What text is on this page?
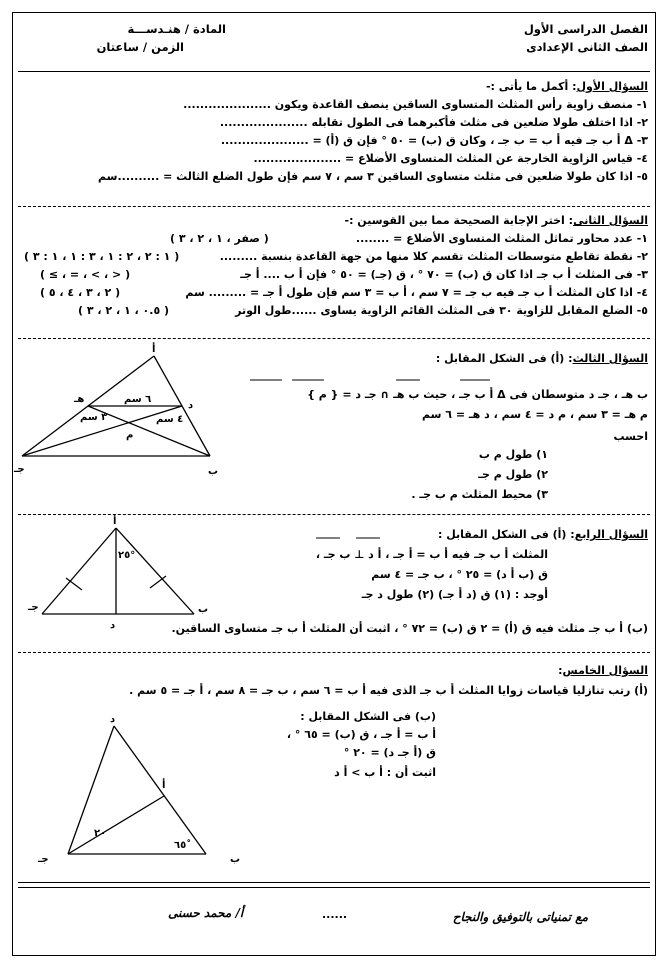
الفصل الدراسى الأول
الصف الثانى الإعدادى
المادة / هنـدســـة
الزمن / ساعتان
السؤال الأول: أكمل ما يأتى :-
١- منصف زاوية رأس المثلث المتساوى الساقين ينصف القاعدة ويكون .....................
٢- اذا اختلف طولا ضلعين فى مثلث فأكبرهما فى الطول تقابله .....................
٣- Δ أ ب جـ فيه أ ب = ب جـ ، وكان ق (ب) = ٥٠ ° فإن ق (أ) = .....................
٤- قياس الزاوية الخارجة عن المثلث المتساوى الأضلاع = .....................
٥- اذا كان طولا ضلعين فى مثلث متساوى الساقين ٣ سم ، ٧ سم فإن طول الضلع الثالث = ..........سم
السؤال الثانى: اختر الإجابة الصحيحة مما بين القوسين :-
١- عدد محاور تماثل المثلث المتساوى الأضلاع = ........
( صفر ، ١ ، ٢ ، ٣ )
٢- نقطة تقاطع متوسطات المثلث تقسم كلا منها من جهة القاعدة بنسبة .........
( ١ : ٢ ، ٢ : ١ ، ٣ : ١ ، ١ : ٣ )
٣- فى المثلث أ ب جـ اذا كان ق (ب) = ٧٠ ° ، ق (جـ) = ٥٠ ° فإن أ ب .... أ جـ
( < ، > ، = ، ≥ )
٤- اذا كان المثلث أ ب جـ فيه ب جـ = ٧ سم ، أ ب = ٣ سم فإن طول أ جـ = ......... سم
( ٢ ، ٣ ، ٤ ، ٥ )
٥- الضلع المقابل للزاوية ٣٠ فى المثلث القائم الزاوية يساوى ......طول الوتر
( ٠.٥ ، ١ ، ٢ ، ٣ )
السؤال الثالث: (أ) فى الشكل المقابل :
ب هـ ، جـ د متوسطان فى Δ أ ب جـ ، حيث ب هـ ∩ جـ د = { م }
م هـ = ٣ سم ، م د = ٤ سم ، د هـ = ٦ سم
احسب
١) طول م ب
٢) طول م جـ
٣) محيط المثلث م ب جـ .
أ
جـ	ب
د
هـ
م
٦ سم
٣ سم	٤ سم
السؤال الرابع: (أ) فى الشكل المقابل :
المثلث أ ب جـ فيه أ ب = أ جـ ، أ د ⊥ ب جـ ،
ق (ب أ د) = ٢٥ ° ، ب جـ = ٤ سم
أوجد : (١) ق (د أ جـ) (٢) طول د جـ
(ب) أ ب جـ مثلث فيه ق (أ) = ٢ ق (ب) = ٧٢ ° ، اثبت أن المثلث أ ب جـ متساوى الساقين.
أ
جـ	ب
د
٢٥°
السؤال الخامس:
(أ) رتب تنازليا قياسات زوايا المثلث أ ب جـ الذى فيه أ ب = ٦ سم ، ب جـ = ٨ سم ، أ جـ = ٥ سم .
(ب) فى الشكل المقابل :
أ ب = أ جـ ، ق (ب) = ٦٥ ° ،
ق (أ جـ د) = ٢٠ °
اثبت أن : أ ب > أ د
د
أ
جـ	ب
٢٠
٦٥ْ
مع تمنياتى بالتوفيق والنجاح
......
أ/ محمد حسنى
